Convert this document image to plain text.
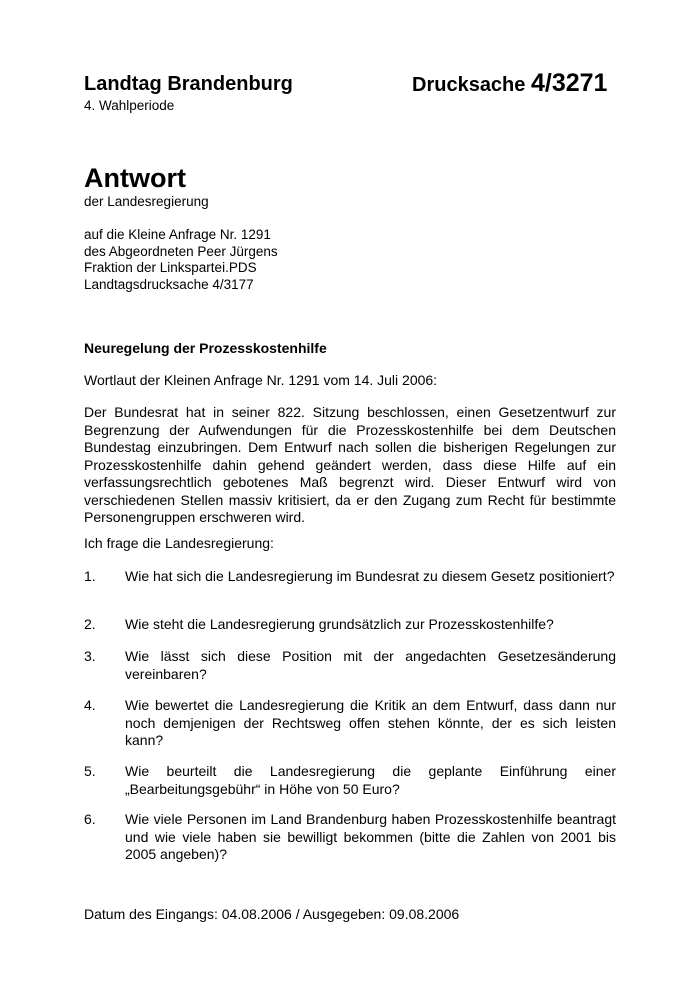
Landtag Brandenburg	Drucksache 4/3271
4. Wahlperiode
Antwort
der Landesregierung
auf die Kleine Anfrage Nr. 1291
des Abgeordneten Peer Jürgens
Fraktion der Linkspartei.PDS
Landtagsdrucksache 4/3177
Neuregelung der Prozesskostenhilfe
Wortlaut der Kleinen Anfrage Nr. 1291 vom 14. Juli 2006:
Der Bundesrat hat in seiner 822. Sitzung beschlossen, einen Gesetzentwurf zur Begrenzung der Aufwendungen für die Prozesskostenhilfe bei dem Deutschen Bundestag einzubringen. Dem Entwurf nach sollen die bisherigen Regelungen zur Prozesskostenhilfe dahin gehend geändert werden, dass diese Hilfe auf ein verfassungsrechtlich gebotenes Maß begrenzt wird. Dieser Entwurf wird von verschiedenen Stellen massiv kritisiert, da er den Zugang zum Recht für bestimmte Personengruppen erschweren wird.
Ich frage die Landesregierung:
1. Wie hat sich die Landesregierung im Bundesrat zu diesem Gesetz positioniert?
2. Wie steht die Landesregierung grundsätzlich zur Prozesskostenhilfe?
3. Wie lässt sich diese Position mit der angedachten Gesetzesänderung vereinbaren?
4. Wie bewertet die Landesregierung die Kritik an dem Entwurf, dass dann nur noch demjenigen der Rechtsweg offen stehen könnte, der es sich leisten kann?
5. Wie beurteilt die Landesregierung die geplante Einführung einer „Bearbeitungsgebühr“ in Höhe von 50 Euro?
6. Wie viele Personen im Land Brandenburg haben Prozesskostenhilfe beantragt und wie viele haben sie bewilligt bekommen (bitte die Zahlen von 2001 bis 2005 angeben)?
Datum des Eingangs: 04.08.2006 / Ausgegeben: 09.08.2006
